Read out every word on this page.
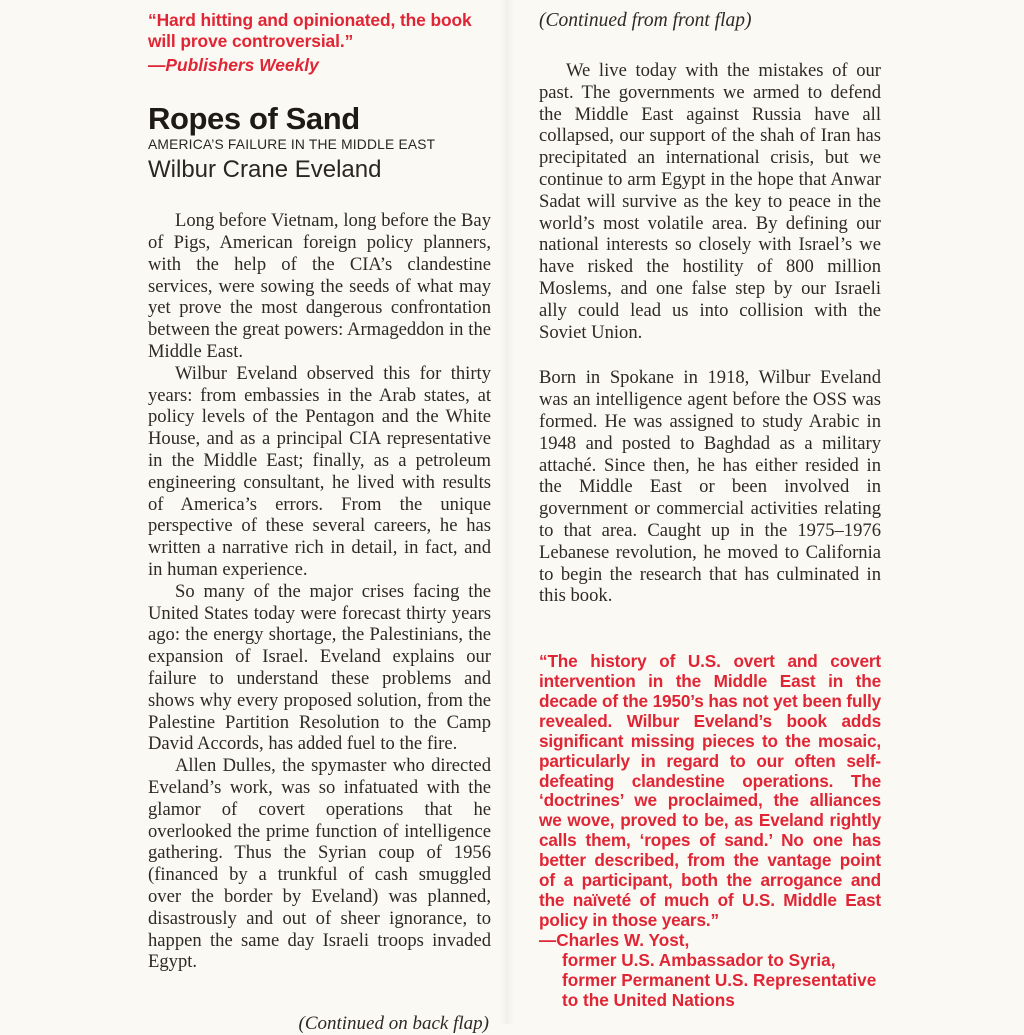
“Hard hitting and opinionated, the book will prove controversial.”

—Publishers Weekly

Ropes of Sand
AMERICA’S FAILURE IN THE MIDDLE EAST
Wilbur Crane Eveland

Long before Vietnam, long before the Bay of Pigs, American foreign policy planners, with the help of the CIA’s clandestine services, were sowing the seeds of what may yet prove the most dangerous confrontation between the great powers: Armageddon in the Middle East.

Wilbur Eveland observed this for thirty years: from embassies in the Arab states, at policy levels of the Pentagon and the White House, and as a principal CIA representative in the Middle East; finally, as a petroleum engineering consultant, he lived with results of America’s errors. From the unique perspective of these several careers, he has written a narrative rich in detail, in fact, and in human experience.

So many of the major crises facing the United States today were forecast thirty years ago: the energy shortage, the Palestinians, the expansion of Israel. Eveland explains our failure to understand these problems and shows why every proposed solution, from the Palestine Partition Resolution to the Camp David Accords, has added fuel to the fire.

Allen Dulles, the spymaster who directed Eveland’s work, was so infatuated with the glamor of covert operations that he overlooked the prime function of intelligence gathering. Thus the Syrian coup of 1956 (financed by a trunkful of cash smuggled over the border by Eveland) was planned, disastrously and out of sheer ignorance, to happen the same day Israeli troops invaded Egypt.

(Continued on back flap)

(Continued from front flap)

We live today with the mistakes of our past. The governments we armed to defend the Middle East against Russia have all collapsed, our support of the shah of Iran has precipitated an international crisis, but we continue to arm Egypt in the hope that Anwar Sadat will survive as the key to peace in the world’s most volatile area. By defining our national interests so closely with Israel’s we have risked the hostility of 800 million Moslems, and one false step by our Israeli ally could lead us into collision with the Soviet Union.

Born in Spokane in 1918, Wilbur Eveland was an intelligence agent before the OSS was formed. He was assigned to study Arabic in 1948 and posted to Baghdad as a military attaché. Since then, he has either resided in the Middle East or been involved in government or commercial activities relating to that area. Caught up in the 1975–1976 Lebanese revolution, he moved to California to begin the research that has culminated in this book.

“The history of U.S. overt and covert intervention in the Middle East in the decade of the 1950’s has not yet been fully revealed. Wilbur Eveland’s book adds significant missing pieces to the mosaic, particularly in regard to our often self-defeating clandestine operations. The ‘doctrines’ we proclaimed, the alliances we wove, proved to be, as Eveland rightly calls them, ‘ropes of sand.’ No one has better described, from the vantage point of a participant, both the arrogance and the naïveté of much of U.S. Middle East policy in those years.”

—Charles W. Yost,

former U.S. Ambassador to Syria,

former Permanent U.S. Representative

to the United Nations
